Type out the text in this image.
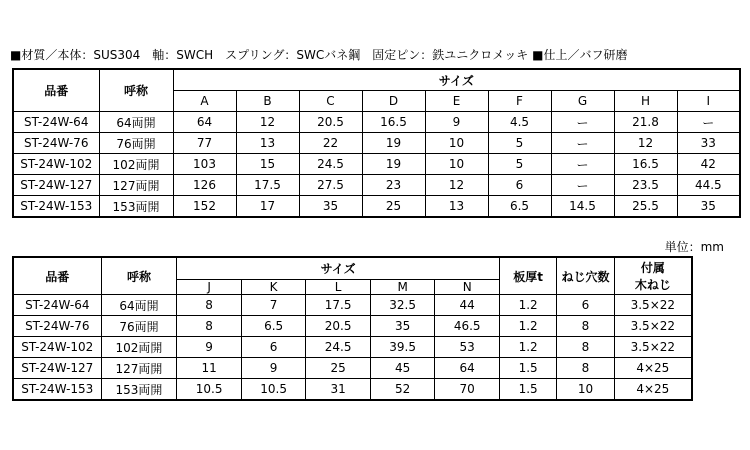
■材質／本体：SUS304　軸：SWCH　スプリング：SWCバネ鋼　固定ピン：鉄ユニクロメッキ ■仕上／バフ研磨
品番	呼称	サイズ								
		A	B	C	D	E	F	G	H	I
ST-24W-64	64両開	64	12	20.5	16.5	9	4.5	ー	21.8	ー
ST-24W-76	76両開	77	13	22	19	10	5	ー	12	33
ST-24W-102	102両開	103	15	24.5	19	10	5	ー	16.5	42
ST-24W-127	127両開	126	17.5	27.5	23	12	6	ー	23.5	44.5
ST-24W-153	153両開	152	17	35	25	13	6.5	14.5	25.5	35
単位：mm
品番	呼称	サイズ					板厚t	ねじ穴数	付属
木ねじ

		J	K	L	M	N			
ST-24W-64	64両開	8	7	17.5	32.5	44	1.2	6	3.5×22
ST-24W-76	76両開	8	6.5	20.5	35	46.5	1.2	8	3.5×22
ST-24W-102	102両開	9	6	24.5	39.5	53	1.2	8	3.5×22
ST-24W-127	127両開	11	9	25	45	64	1.5	8	4×25
ST-24W-153	153両開	10.5	10.5	31	52	70	1.5	10	4×25
